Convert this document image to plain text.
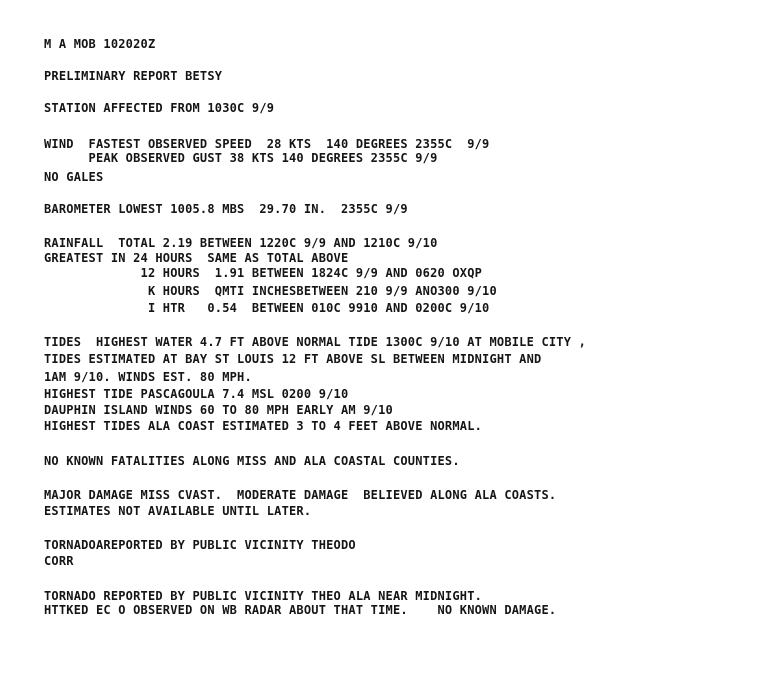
M A MOB 102020Z
PRELIMINARY REPORT BETSY
STATION AFFECTED FROM 1030C 9/9
WIND  FASTEST OBSERVED SPEED  28 KTS  140 DEGREES 2355C  9/9
PEAK OBSERVED GUST 38 KTS 140 DEGREES 2355C 9/9
NO GALES
BAROMETER LOWEST 1005.8 MBS  29.70 IN.  2355C 9/9
RAINFALL  TOTAL 2.19 BETWEEN 1220C 9/9 AND 1210C 9/10
GREATEST IN 24 HOURS  SAME AS TOTAL ABOVE
12 HOURS  1.91 BETWEEN 1824C 9/9 AND 0620 OXQP
K HOURS  QMTI INCHESBETWEEN 210 9/9 ANO300 9/10
I HTR   0.54  BETWEEN 010C 9910 AND 0200C 9/10
TIDES  HIGHEST WATER 4.7 FT ABOVE NORMAL TIDE 1300C 9/10 AT MOBILE CITY ,
TIDES ESTIMATED AT BAY ST LOUIS 12 FT ABOVE SL BETWEEN MIDNIGHT AND
1AM 9/10. WINDS EST. 80 MPH.
HIGHEST TIDE PASCAGOULA 7.4 MSL 0200 9/10
DAUPHIN ISLAND WINDS 60 TO 80 MPH EARLY AM 9/10
HIGHEST TIDES ALA COAST ESTIMATED 3 TO 4 FEET ABOVE NORMAL.
NO KNOWN FATALITIES ALONG MISS AND ALA COASTAL COUNTIES.
MAJOR DAMAGE MISS CVAST.  MODERATE DAMAGE  BELIEVED ALONG ALA COASTS.
ESTIMATES NOT AVAILABLE UNTIL LATER.
TORNADOAREPORTED BY PUBLIC VICINITY THEODO
CORR
TORNADO REPORTED BY PUBLIC VICINITY THEO ALA NEAR MIDNIGHT.
HTTKED EC O OBSERVED ON WB RADAR ABOUT THAT TIME.    NO KNOWN DAMAGE.
